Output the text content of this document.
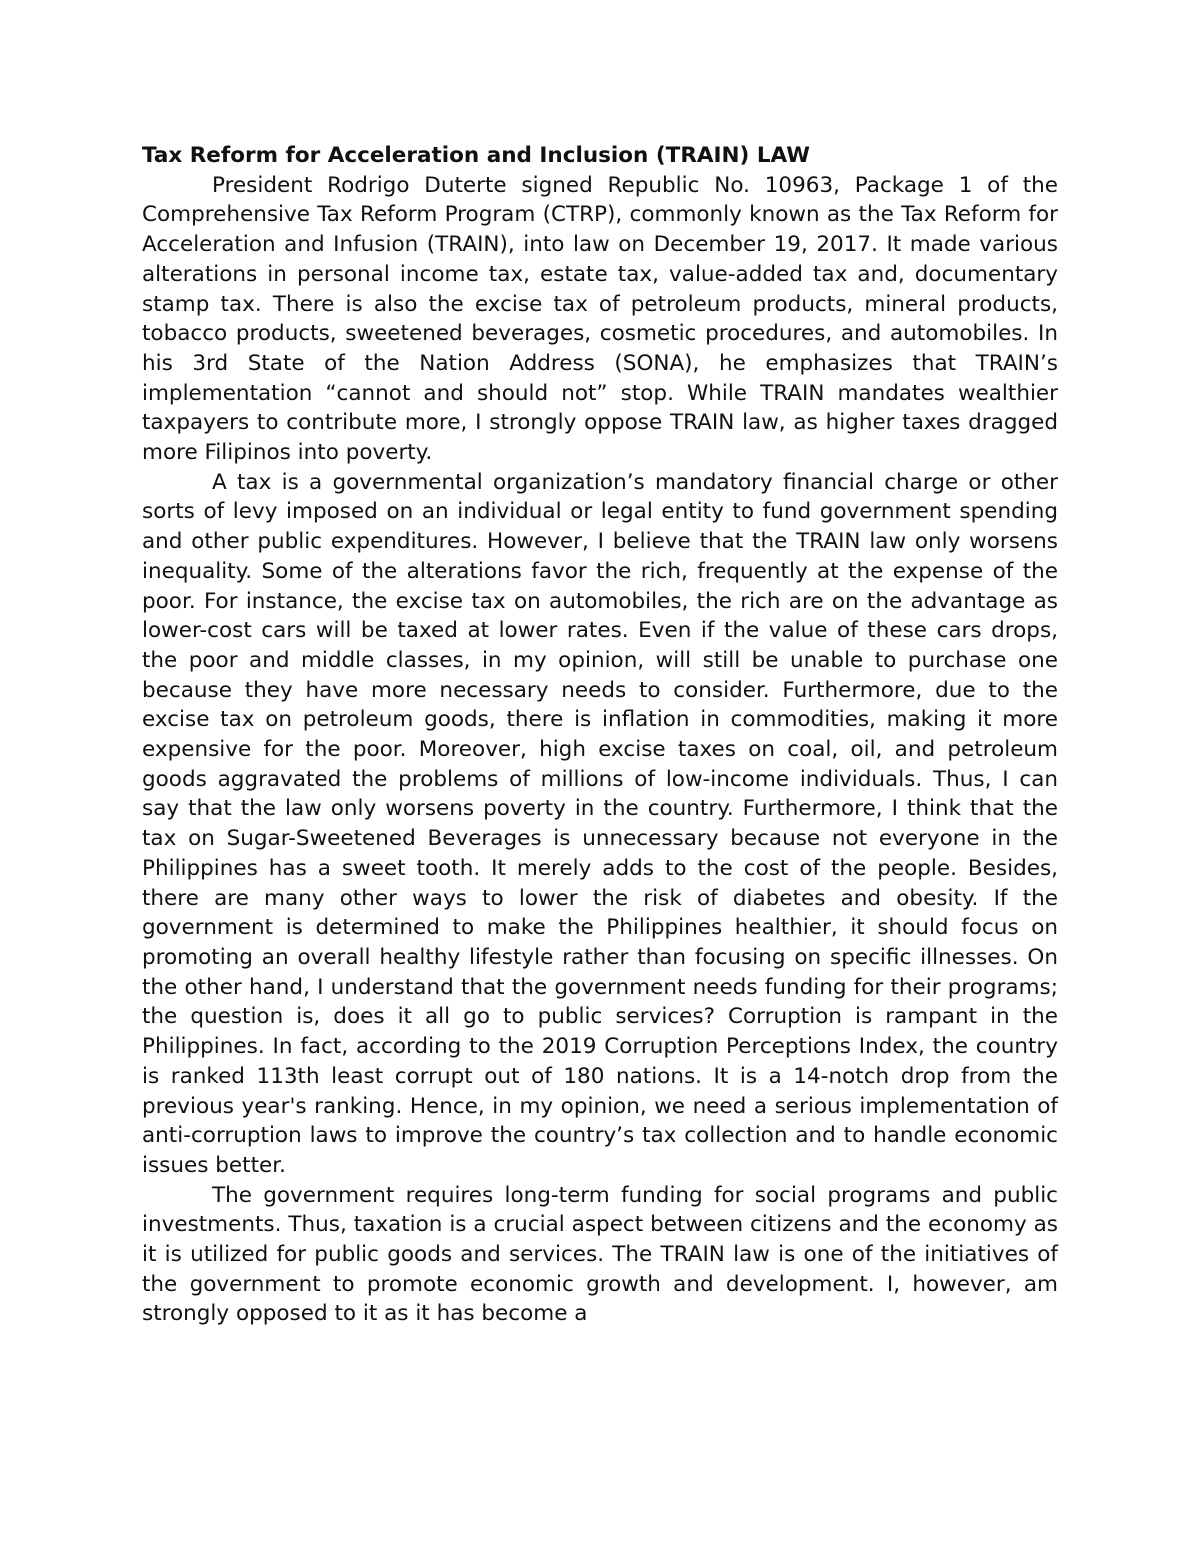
Tax Reform for Acceleration and Inclusion (TRAIN) LAW

President Rodrigo Duterte signed Republic No. 10963, Package 1 of the Comprehensive Tax Reform Program (CTRP), commonly known as the Tax Reform for Acceleration and Infusion (TRAIN), into law on December 19, 2017. It made various alterations in personal income tax, estate tax, value-added tax and, documentary stamp tax. There is also the excise tax of petroleum products, mineral products, tobacco products, sweetened beverages, cosmetic procedures, and automobiles. In his 3rd State of the Nation Address (SONA), he emphasizes that TRAIN’s implementation “cannot and should not” stop. While TRAIN mandates wealthier taxpayers to contribute more, I strongly oppose TRAIN law, as higher taxes dragged more Filipinos into poverty.

A tax is a governmental organization’s mandatory financial charge or other sorts of levy imposed on an individual or legal entity to fund government spending and other public expenditures. However, I believe that the TRAIN law only worsens inequality. Some of the alterations favor the rich, frequently at the expense of the poor. For instance, the excise tax on automobiles, the rich are on the advantage as lower-cost cars will be taxed at lower rates. Even if the value of these cars drops, the poor and middle classes, in my opinion, will still be unable to purchase one because they have more necessary needs to consider. Furthermore, due to the excise tax on petroleum goods, there is inflation in commodities, making it more expensive for the poor. Moreover, high excise taxes on coal, oil, and petroleum goods aggravated the problems of millions of low-income individuals. Thus, I can say that the law only worsens poverty in the country. Furthermore, I think that the tax on Sugar-Sweetened Beverages is unnecessary because not everyone in the Philippines has a sweet tooth. It merely adds to the cost of the people. Besides, there are many other ways to lower the risk of diabetes and obesity. If the government is determined to make the Philippines healthier, it should focus on promoting an overall healthy lifestyle rather than focusing on specific illnesses. On the other hand, I understand that the government needs funding for their programs; the question is, does it all go to public services? Corruption is rampant in the Philippines. In fact, according to the 2019 Corruption Perceptions Index, the country is ranked 113th least corrupt out of 180 nations. It is a 14-notch drop from the previous year's ranking. Hence, in my opinion, we need a serious implementation of anti-corruption laws to improve the country’s tax collection and to handle economic issues better.

The government requires long-term funding for social programs and public investments. Thus, taxation is a crucial aspect between citizens and the economy as it is utilized for public goods and services. The TRAIN law is one of the initiatives of the government to promote economic growth and development. I, however, am strongly opposed to it as it has become a
